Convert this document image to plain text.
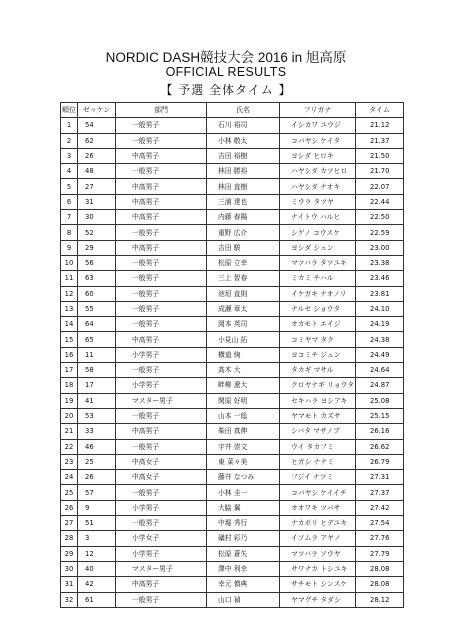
NORDIC DASH競技大会 2016 in 旭高原
OFFICIAL RESULTS
【 予選 全体タイム 】
順位	ゼッケン	部門	氏名	フリガナ	タイム
1	54	一般男子	石川 裕司	イシカワ ユウジ	21.12
2	62	一般男子	小林 敬太	コバヤシ ケイタ	21.37
3	26	中高男子	吉田 裕樹	ヨシダ ヒロキ	21.50
4	48	一般男子	林田 勝裕	ハヤシダ カツヒロ	21.70
5	27	中高男子	林田 直樹	ハヤシダ ナオキ	22.07
6	31	中高男子	三浦 達也	ミウラ タツヤ	22.44
7	30	中高男子	内藤 春陽	ナイトウ ハルヒ	22.50
8	52	一般男子	重野 広介	シゲノ コウスケ	22.59
9	29	中高男子	吉田 駿	ヨシダ シュン	23.00
10	56	一般男子	松原 立幸	マツバラ タツユキ	23.38
11	63	一般男子	三上 智春	ミカミ チハル	23.46
12	60	一般男子	池垣 直則	イケガキ ナオノリ	23.81
13	55	一般男子	成瀬 章太	ナルセ ショウタ	24.10
14	64	一般男子	岡本 英司	オカモト エイジ	24.19
15	65	中高男子	小見山 拓	コミヤマ タク	24.38
16	11	小学男子	横道 絢	ヨコミチ ジュン	24.49
17	58	一般男子	高木 大	タカギ マサル	24.64
18	17	小学男子	畔柳 遼大	クロヤナギ リョウタ	24.87
19	41	マスター男子	関原 好明	セキハラ ヨシアキ	25.08
20	53	一般男子	山本 一総	ヤマモト カズサ	25.15
21	33	中高男子	柴田 真伸	シバタ マサノブ	26.16
22	46	一般男子	宇井 崇文	ウイ タカフミ	26.62
23	25	中高女子	東 菜々美	ヒガシ ナナミ	26.79
24	26	中高女子	藤井 なつみ	フジイ ナツミ	27.31
25	57	一般男子	小林 圭一	コバヤシ ケイイチ	27.37
26	9	小学男子	大脇 翼	オオワキ ツバサ	27.42
27	51	一般男子	中堀 秀行	ナカボリ ヒデユキ	27.54
28	3	小学女子	礒村 彩乃	イソムラ アヤノ	27.76
29	12	小学男子	松原 蒼矢	マツバラ ソウヤ	27.79
30	40	マスター男子	澤中 利幸	サワナカ トシユキ	28.08
31	42	中高男子	幸元 慎典	サチモト シンスケ	28.08
32	61	一般男子	山口 禎	ヤマグチ タダシ	28.12
